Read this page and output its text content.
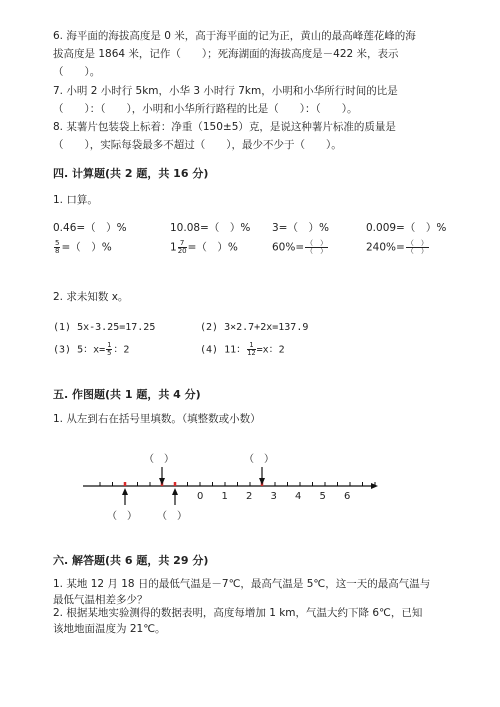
6. 海平面的海拔高度是 0 米，高于海平面的记为正，黄山的最高峰莲花峰的海
拔高度是 1864 米，记作（　　）；死海湖面的海拔高度是－422 米，表示
（　　）。
7. 小明 2 小时行 5km，小华 3 小时行 7km，小明和小华所行时间的比是
（　　）：（　　），小明和小华所行路程的比是（　　）：（　　）。
8. 某薯片包装袋上标着：净重（150±5）克，是说这种薯片标准的质量是
（　　），实际每袋最多不超过（　　），最少不少于（　　）。
四. 计算题(共 2 题，共 16 分)
1. 口算。
0.46=（　）%	10.08=（　）% 3=（　）%	0.009=（　）%
$\frac{5}{8}$ =（　）%	$1 \frac{7}{20}$ =（　）%	$60\%= \frac{( )}{( )}$	$240\%= \frac{( )}{( )}$
2. 求未知数 x。
(1) 5x-3.25=17.25	(2) 3×2.7+2x=137.9
(3) 5：$x= \frac{1}{5}$ ：2	(4) 11： $\frac{1}{12} =x$：2
五. 作图题(共 1 题，共 4 分)
1. 从左到右在括号里填数。（填整数或小数）
（　）	（　）
（　） （　）
0 1 2 3 4 5 6
六. 解答题(共 6 题，共 29 分)
1. 某地 12 月 18 日的最低气温是－7℃，最高气温是 5℃，这一天的最高气温与
最低气温相差多少？
2. 根据某地实验测得的数据表明，高度每增加 1 km，气温大约下降 6℃，已知
该地地面温度为 21℃。
